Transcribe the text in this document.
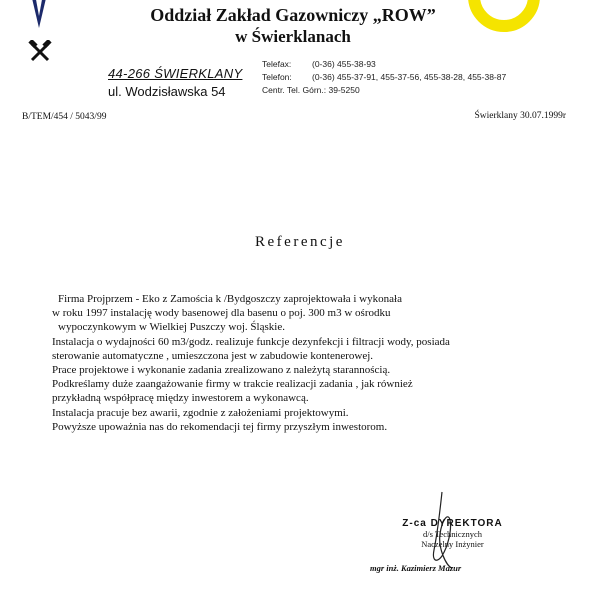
Oddział Zakład Gazowniczy „ROW”
w Świerklanach
44-266 ŚWIERKLANY
ul. Wodzisławska 54
Telefax: (0-36) 455-38-93
Telefon: (0-36) 455-37-91, 455-37-56, 455-38-28, 455-38-87
Centr. Tel. Górn.: 39-5250
B/TEM/454 / 5043/99	Świerklany 30.07.1999r
Referencje
Firma Projprzem - Eko z Zamościa k /Bydgoszczy zaprojektowała i wykonała
w roku 1997 instalację wody basenowej dla basenu o poj. 300 m3 w ośrodku
wypoczynkowym w Wielkiej Puszczy woj. Śląskie.
Instalacja o wydajności 60 m3/godz. realizuje funkcje dezynfekcji i filtracji wody, posiada
sterowanie automatyczne , umieszczona jest w zabudowie kontenerowej.
Prace projektowe i wykonanie zadania zrealizowano z należytą starannością.
Podkreślamy duże zaangażowanie firmy w trakcie realizacji zadania , jak również
przykładną współpracę między inwestorem a wykonawcą.
Instalacja pracuje bez awarii, zgodnie z założeniami projektowymi.
Powyższe upoważnia nas do rekomendacji tej firmy przyszłym inwestorom.
Z-ca DYREKTORA
d/s Technicznych
Naczelny Inżynier
mgr inż. Kazimierz Mazur
